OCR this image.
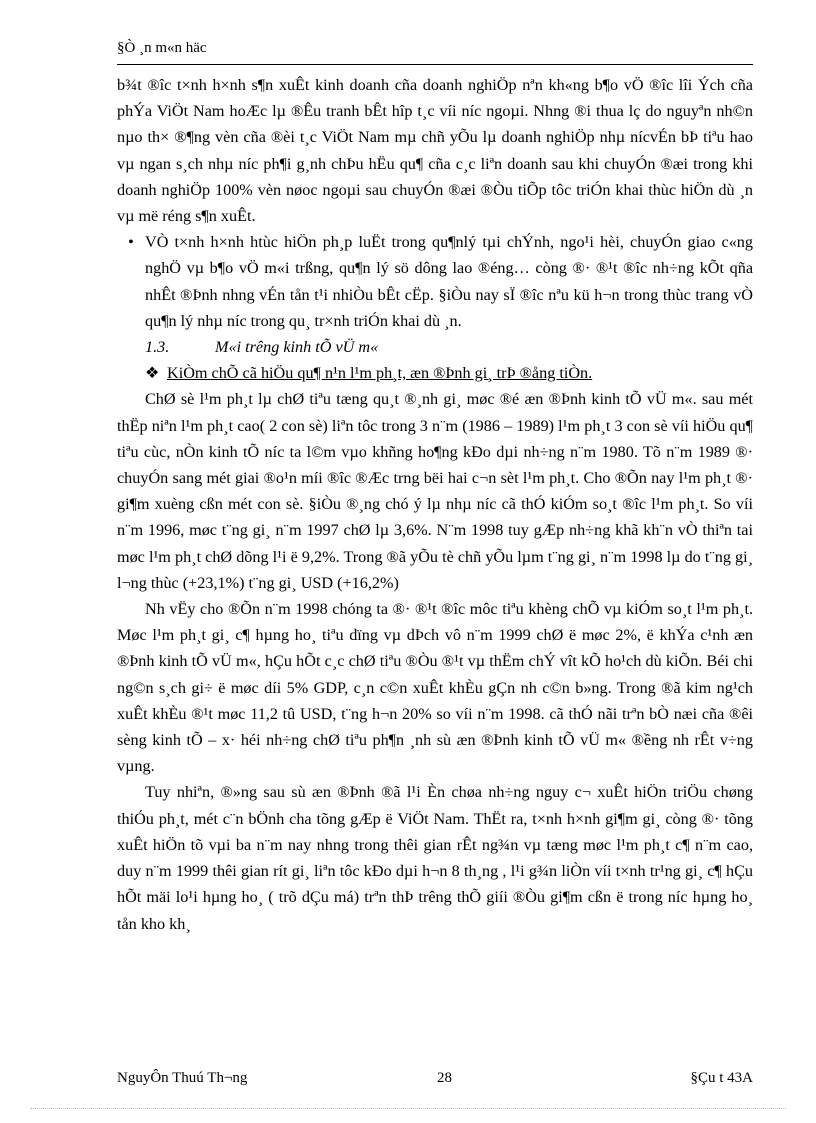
§Ò ¸n m«n häc

b¾t ®îc t×nh h×nh s¶n xuÊt kinh doanh cña doanh nghiÖp nªn kh«ng b¶o vÖ ®îc lîi Ých cña phÝa ViÖt Nam hoÆc lµ ®Êu tranh bÊt hîp t¸c víi níc ngoµi. Nhng ®i thua lç do nguyªn nh©n nµo th× ®¶ng vèn cña ®èi t¸c ViÖt Nam mµ chñ yÕu lµ doanh nghiÖp nhµ nícvÉn bÞ tiªu hao vµ ngan s¸ch nhµ níc ph¶i g¸nh chÞu hËu qu¶ cña c¸c liªn doanh sau khi chuyÓn ®æi trong khi doanh nghiÖp 100% vèn nøoc ngoµi sau chuyÓn ®æi ®Òu tiÕp tôc triÓn khai thùc hiÖn dù ¸n vµ më réng s¶n xuÊt.

• VÒ t×nh h×nh htùc hiÖn ph¸p luËt trong qu¶nlý tµi chÝnh, ngo¹i hèi, chuyÓn giao c«ng nghÖ vµ b¶o vÖ m«i trßng, qu¶n lý sö dông lao ®éng… còng ®· ®¹t ®îc nh÷ng kÕt qña nhÊt ®Þnh nhng vÉn tån t¹i nhiÒu bÊt cËp. §iÒu nay sÏ ®îc nªu kü h¬n trong thùc trang vÒ qu¶n lý nhµ níc trong qu¸ tr×nh triÓn khai dù ¸n.

1.3.	M«i trêng kinh tÕ vÜ m«
❖ KiÒm chÕ cã hiÖu qu¶ n¹n l¹m ph¸t, æn ®Þnh gi¸ trÞ ®ång tiÒn.

ChØ sè l¹m ph¸t lµ chØ tiªu tæng qu¸t ®¸nh gi¸ møc ®é æn ®Þnh kinh tÕ vÜ m«. sau mét thËp niªn l¹m ph¸t cao( 2 con sè) liªn tôc trong 3 n¨m (1986 – 1989) l¹m ph¸t 3 con sè víi hiÖu qu¶ tiªu cùc, nÒn kinh tÕ níc ta l©m vµo khñng ho¶ng kÐo dµi nh÷ng n¨m 1980. Tõ n¨m 1989 ®· chuyÓn sang mét giai ®o¹n míi ®îc ®Æc trng bëi hai c¬n sèt l¹m ph¸t. Cho ®Õn nay l¹m ph¸t ®· gi¶m xuèng cßn mét con sè. §iÒu ®¸ng chó ý lµ nhµ níc cã thÓ kiÓm so¸t ®îc l¹m ph¸t. So víi n¨m 1996, møc t¨ng gi¸ n¨m 1997 chØ lµ 3,6%. N¨m 1998 tuy gÆp nh÷ng khã kh¨n vÒ thiªn tai møc l¹m ph¸t chØ dõng l¹i ë 9,2%. Trong ®ã yÕu tè chñ yÕu lµm t¨ng gi¸ n¨m 1998 lµ do t¨ng gi¸ l¬ng thùc (+23,1%) t¨ng gi¸ USD (+16,2%)

Nh vËy cho ®Õn n¨m 1998 chóng ta ®· ®¹t ®îc môc tiªu khèng chÕ vµ kiÓm so¸t l¹m ph¸t. Møc l¹m ph¸t gi¸ c¶ hµng ho¸ tiªu dïng vµ dÞch vô n¨m 1999 chØ ë møc 2%, ë khÝa c¹nh æn ®Þnh kinh tÕ vÜ m«, hÇu hÕt c¸c chØ tiªu ®Òu ®¹t vµ thËm chÝ vît kÕ ho¹ch dù kiÕn. Béi chi ng©n s¸ch gi÷ ë møc díi 5% GDP, c¸n c©n xuÊt khÈu gÇn nh c©n b»ng. Trong ®ã kim ng¹ch xuÊt khÈu ®¹t møc 11,2 tû USD, t¨ng h¬n 20% so víi n¨m 1998. cã thÓ nãi trªn bÒ næi cña ®êi sèng kinh tÕ – x· héi nh÷ng chØ tiªu ph¶n ¸nh sù æn ®Þnh kinh tÕ vÜ m« ®ềng nh rÊt v÷ng vµng.

Tuy nhiªn, ®»ng sau sù æn ®Þnh ®ã l¹i Èn chøa nh÷ng nguy c¬ xuÊt hiÖn triÖu chøng thiÓu ph¸t, mét c¨n bÖnh cha tõng gÆp ë ViÖt Nam. ThËt ra, t×nh h×nh gi¶m gi¸ còng ®· tõng xuÊt hiÖn tõ vµi ba n¨m nay nhng trong thêi gian rÊt ng¾n vµ tæng møc l¹m ph¸t c¶ n¨m cao, duy n¨m 1999 thêi gian rít gi¸ liªn tôc kÐo dµi h¬n 8 th¸ng , l¹i g¾n liÒn víi t×nh tr¹ng gi¸ c¶ hÇu hÕt mäi lo¹i hµng ho¸ ( trõ dÇu má) trªn thÞ trêng thÕ giíi ®Òu gi¶m cßn ë trong níc hµng ho¸ tån kho kh¸

NguyÔn Thuú Th¬ng	28	§Çu t 43A
